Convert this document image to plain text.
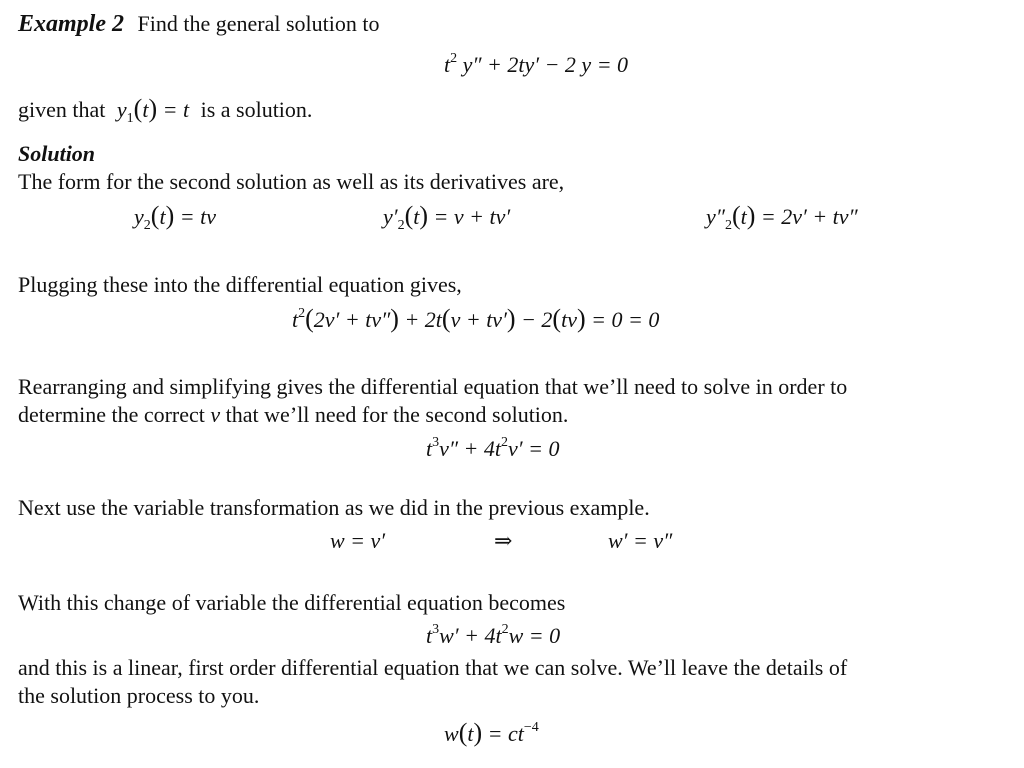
Example 2 Find the general solution to
$t^2$ y″ + 2ty′ − 2 y = 0
given that $y_1(t) = t$ is a solution.
Solution
The form for the second solution as well as its derivatives are,
$y_2(t)$ = tv	$y'_2(t) = v + tv'$	$y''_2(t) = 2v' + tv''$
Plugging these into the differential equation gives,
$t^2(2v' + tv'') + 2t(v + tv') - 2(tv) = 0 = 0$
Rearranging and simplifying gives the differential equation that we’ll need to solve in order to
determine the correct v that we’ll need for the second solution.
$t^3v'' + 4t^2v' = 0$
Next use the variable transformation as we did in the previous example.
w = v′	⇒	w′ = v″
With this change of variable the differential equation becomes
$t^3w' + 4t^2w = 0$
and this is a linear, first order differential equation that we can solve. We’ll leave the details of
the solution process to you.
$w(t) = ct^{-4}$
